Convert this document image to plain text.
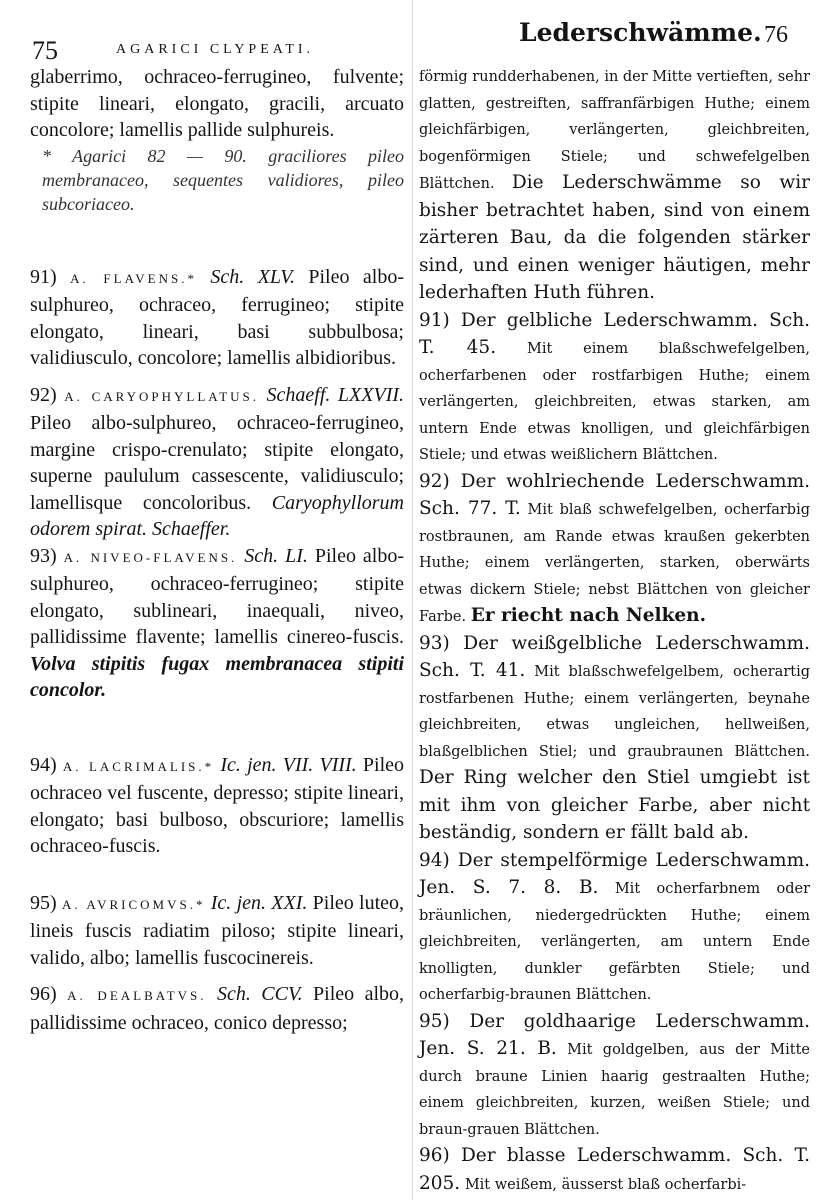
75	AGARICI CLYPEATI.

glaberrimo, ochraceo-ferrugineo, fulvente; stipite lineari, elongato, gracili, arcuato concolore; lamellis pallide sulphureis.

* Agarici 82 — 90. graciliores pileo membranaceo, sequentes validiores, pileo subcoriaceo.

91) A. FLAVENS.* Sch. XLV. Pileo albo-sulphureo, ochraceo, ferrugineo; stipite elongato, lineari, basi subbulbosa; validiusculo, concolore; lamellis albidioribus.

92) A. CARYOPHYLLATUS. Schaeff. LXXVII. Pileo albo-sulphureo, ochraceo-ferrugineo, margine crispo-crenulato; stipite elongato, superne paululum cassescente, validiusculo; lamellisque concoloribus. Caryophyllorum odorem spirat. Schaeffer.

93) A. NIVEO-FLAVENS. Sch. LI. Pileo albo-sulphureo, ochraceo-ferrugineo; stipite elongato, sublineari, inaequali, niveo, pallidissime flavente; lamellis cinereo-fuscis. Volva stipitis fugax membranacea stipiti concolor.

94) A. LACRIMALIS.* Ic. jen. VII. VIII. Pileo ochraceo vel fuscente, depresso; stipite lineari, elongato; basi bulboso, obscuriore; lamellis ochraceo-fuscis.

95) A. AVRICOMVS.* Ic. jen. XXI. Pileo luteo, lineis fuscis radiatim piloso; stipite lineari, valido, albo; lamellis fuscocinereis.

96) A. DEALBATVS. Sch. CCV. Pileo albo, pallidissime ochraceo, conico depresso;

Lederschwämme. 76

förmig rundderhabenen, in der Mitte vertieften, sehr glatten, gestreiften, saffranfärbigen Huthe; einem gleichfärbigen, verlängerten, gleichbreiten, bogenförmigen Stiele; und schwefelgelben Blättchen. Die Lederschwämme so wir bisher betrachtet haben, sind von einem zärteren Bau, da die folgenden stärker sind, und einen weniger häutigen, mehr lederhaften Huth führen.

91) Der gelbliche Lederschwamm. Sch. T. 45. Mit einem blaßschwefelgelben, ocherfarbenen oder rostfarbigen Huthe; einem verlängerten, gleichbreiten, etwas starken, am untern Ende etwas knolligen, und gleichfärbigen Stiele; und etwas weißlichern Blättchen.

92) Der wohlriechende Lederschwamm. Sch. 77. T. Mit blaß schwefelgelben, ocherfarbig rostbraunen, am Rande etwas kraußen gekerbten Huthe; einem verlängerten, starken, oberwärts etwas dickern Stiele; nebst Blättchen von gleicher Farbe. Er riecht nach Nelken.

93) Der weißgelbliche Lederschwamm. Sch. T. 41. Mit blaßschwefelgelbem, ocherartig rostfarbenen Huthe; einem verlängerten, beynahe gleichbreiten, etwas ungleichen, hellweißen, blaßgelblichen Stiel; und graubraunen Blättchen. Der Ring welcher den Stiel umgiebt ist mit ihm von gleicher Farbe, aber nicht beständig, sondern er fällt bald ab.

94) Der stempelförmige Lederschwamm. Jen. S. 7. 8. B. Mit ocherfarbnem oder bräunlichen, niedergedrückten Huthe; einem gleichbreiten, verlängerten, am untern Ende knolligten, dunkler gefärbten Stiele; und ocherfarbig-braunen Blättchen.

95) Der goldhaarige Lederschwamm. Jen. S. 21. B. Mit goldgelben, aus der Mitte durch braune Linien haarig gestraalten Huthe; einem gleichbreiten, kurzen, weißen Stiele; und braun-grauen Blättchen.

96) Der blasse Lederschwamm. Sch. T. 205. Mit weißem, äusserst blaß ocherfarbi-
